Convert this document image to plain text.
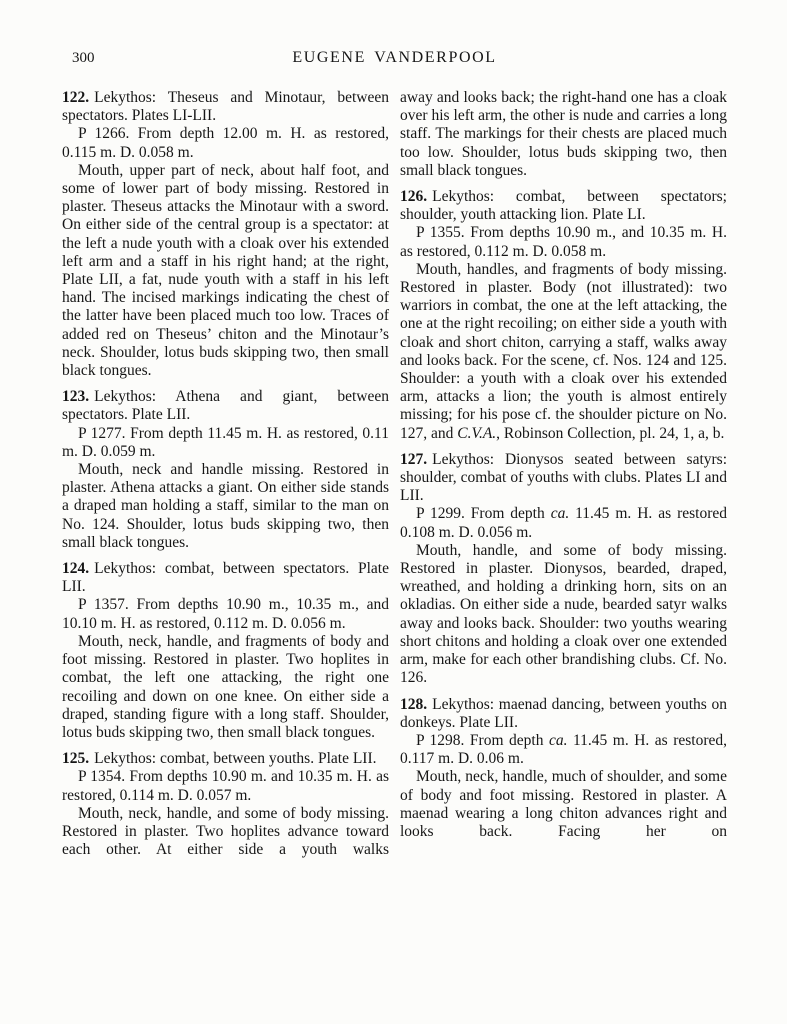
300	EUGENE VANDERPOOL

122. Lekythos: Theseus and Minotaur, between spectators. Plates LI-LII.

P 1266. From depth 12.00 m. H. as restored, 0.115 m. D. 0.058 m.

Mouth, upper part of neck, about half foot, and some of lower part of body missing. Restored in plaster. Theseus attacks the Minotaur with a sword. On either side of the central group is a spectator: at the left a nude youth with a cloak over his extended left arm and a staff in his right hand; at the right, Plate LII, a fat, nude youth with a staff in his left hand. The incised markings indicating the chest of the latter have been placed much too low. Traces of added red on Theseus’ chiton and the Minotaur’s neck. Shoulder, lotus buds skipping two, then small black tongues.

123. Lekythos: Athena and giant, between spectators. Plate LII.

P 1277. From depth 11.45 m. H. as restored, 0.11 m. D. 0.059 m.

Mouth, neck and handle missing. Restored in plaster. Athena attacks a giant. On either side stands a draped man holding a staff, similar to the man on No. 124. Shoulder, lotus buds skipping two, then small black tongues.

124. Lekythos: combat, between spectators. Plate LII.

P 1357. From depths 10.90 m., 10.35 m., and 10.10 m. H. as restored, 0.112 m. D. 0.056 m.

Mouth, neck, handle, and fragments of body and foot missing. Restored in plaster. Two hoplites in combat, the left one attacking, the right one recoiling and down on one knee. On either side a draped, standing figure with a long staff. Shoulder, lotus buds skipping two, then small black tongues.

125. Lekythos: combat, between youths. Plate LII.

P 1354. From depths 10.90 m. and 10.35 m. H. as restored, 0.114 m. D. 0.057 m.

Mouth, neck, handle, and some of body missing. Restored in plaster. Two hoplites advance toward each other. At either side a youth walks

away and looks back; the right-hand one has a cloak over his left arm, the other is nude and carries a long staff. The markings for their chests are placed much too low. Shoulder, lotus buds skipping two, then small black tongues.

126. Lekythos: combat, between spectators; shoulder, youth attacking lion. Plate LI.

P 1355. From depths 10.90 m., and 10.35 m. H. as restored, 0.112 m. D. 0.058 m.

Mouth, handles, and fragments of body missing. Restored in plaster. Body (not illustrated): two warriors in combat, the one at the left attacking, the one at the right recoiling; on either side a youth with cloak and short chiton, carrying a staff, walks away and looks back. For the scene, cf. Nos. 124 and 125. Shoulder: a youth with a cloak over his extended arm, attacks a lion; the youth is almost entirely missing; for his pose cf. the shoulder picture on No. 127, and C.V.A., Robinson Collection, pl. 24, 1, a, b.

127. Lekythos: Dionysos seated between satyrs: shoulder, combat of youths with clubs. Plates LI and LII.

P 1299. From depth ca. 11.45 m. H. as restored 0.108 m. D. 0.056 m.

Mouth, handle, and some of body missing. Restored in plaster. Dionysos, bearded, draped, wreathed, and holding a drinking horn, sits on an okladias. On either side a nude, bearded satyr walks away and looks back. Shoulder: two youths wearing short chitons and holding a cloak over one extended arm, make for each other brandishing clubs. Cf. No. 126.

128. Lekythos: maenad dancing, between youths on donkeys. Plate LII.

P 1298. From depth ca. 11.45 m. H. as restored, 0.117 m. D. 0.06 m.

Mouth, neck, handle, much of shoulder, and some of body and foot missing. Restored in plaster. A maenad wearing a long chiton advances right and looks back. Facing her on
